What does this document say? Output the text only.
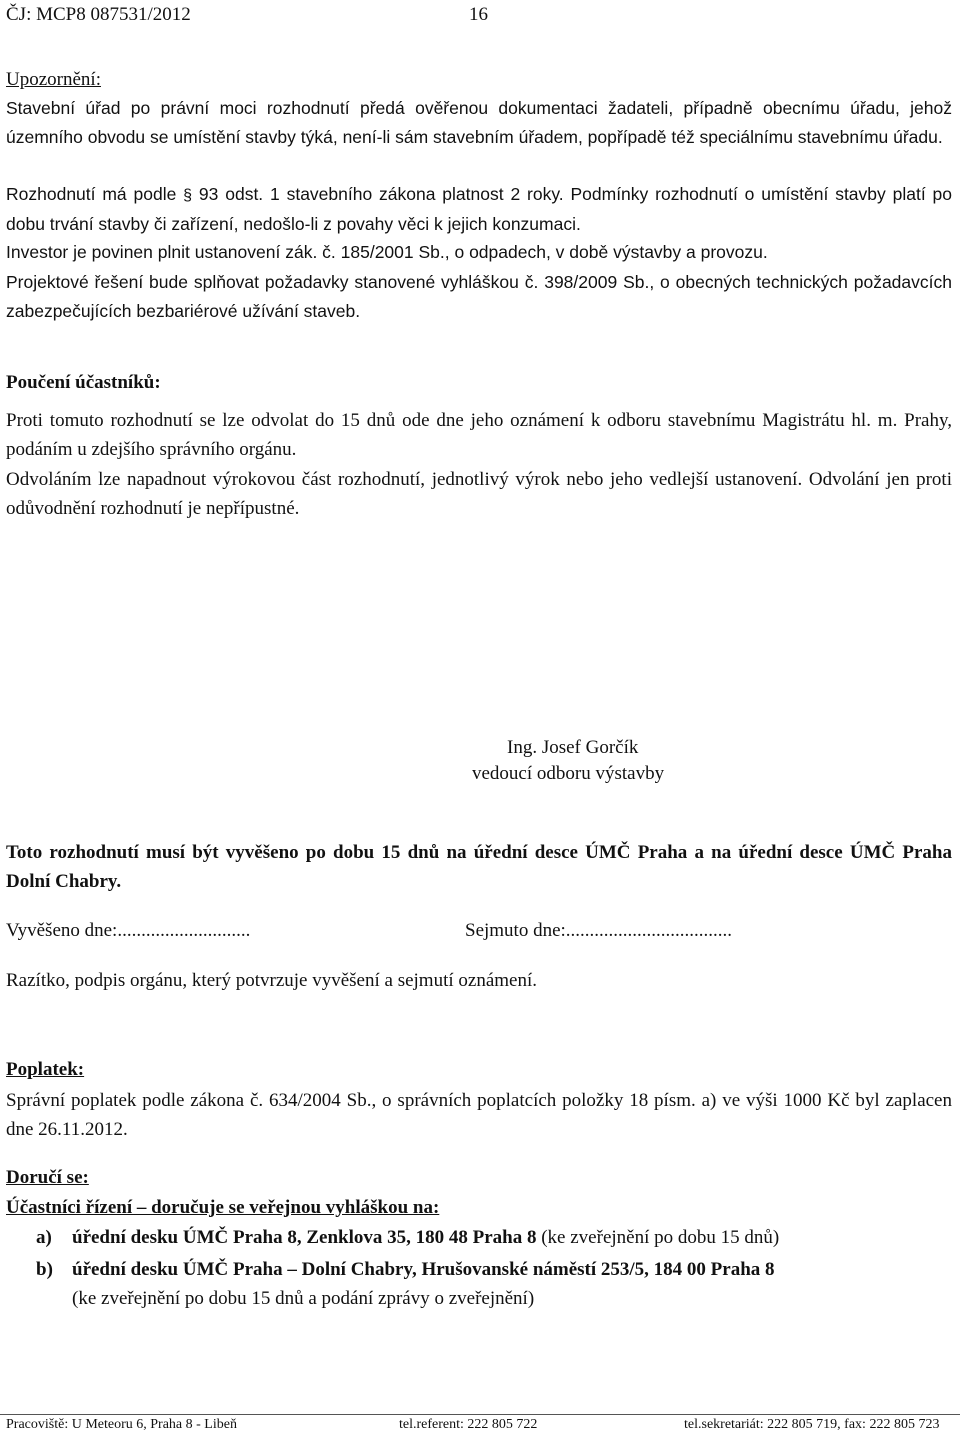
ČJ: MCP8 087531/2012	16
Upozornění:
Stavební úřad po právní moci rozhodnutí předá ověřenou dokumentaci žadateli, případně obecnímu úřadu, jehož územního obvodu se umístění stavby týká, není-li sám stavebním úřadem, popřípadě též speciálnímu stavebnímu úřadu.
Rozhodnutí má podle § 93 odst. 1 stavebního zákona platnost 2 roky. Podmínky rozhodnutí o umístění stavby platí po dobu trvání stavby či zařízení, nedošlo-li z povahy věci k jejich konzumaci.
Investor je povinen plnit ustanovení zák. č. 185/2001 Sb., o odpadech, v době výstavby a provozu.
Projektové řešení bude splňovat požadavky stanovené vyhláškou č. 398/2009 Sb., o obecných technických požadavcích zabezpečujících bezbariérové užívání staveb.
Poučení účastníků:
Proti tomuto rozhodnutí se lze odvolat do 15 dnů ode dne jeho oznámení k odboru stavebnímu Magistrátu hl. m. Prahy, podáním u zdejšího správního orgánu.
Odvoláním lze napadnout výrokovou část rozhodnutí, jednotlivý výrok nebo jeho vedlejší ustanovení. Odvolání jen proti odůvodnění rozhodnutí je nepřípustné.
Ing. Josef Gorčík
vedoucí odboru výstavby
Toto rozhodnutí musí být vyvěšeno po dobu 15 dnů na úřední desce ÚMČ Praha a na úřední desce ÚMČ Praha Dolní Chabry.
Vyvěšeno dne:............................	Sejmuto dne:...................................
Razítko, podpis orgánu, který potvrzuje vyvěšení a sejmutí oznámení.
Poplatek:
Správní poplatek podle zákona č. 634/2004 Sb., o správních poplatcích položky 18 písm. a) ve výši 1000 Kč byl zaplacen dne 26.11.2012.
Doručí se:
Účastníci řízení – doručuje se veřejnou vyhláškou na:
a) úřední desku ÚMČ Praha 8, Zenklova 35, 180 48 Praha 8 (ke zveřejnění po dobu 15 dnů)
b) úřední desku ÚMČ Praha – Dolní Chabry, Hrušovanské náměstí 253/5, 184 00 Praha 8
(ke zveřejnění po dobu 15 dnů a podání zprávy o zveřejnění)
Pracoviště: U Meteoru 6, Praha 8 - Libeň	tel.referent: 222 805 722	tel.sekretariát: 222 805 719, fax: 222 805 723
